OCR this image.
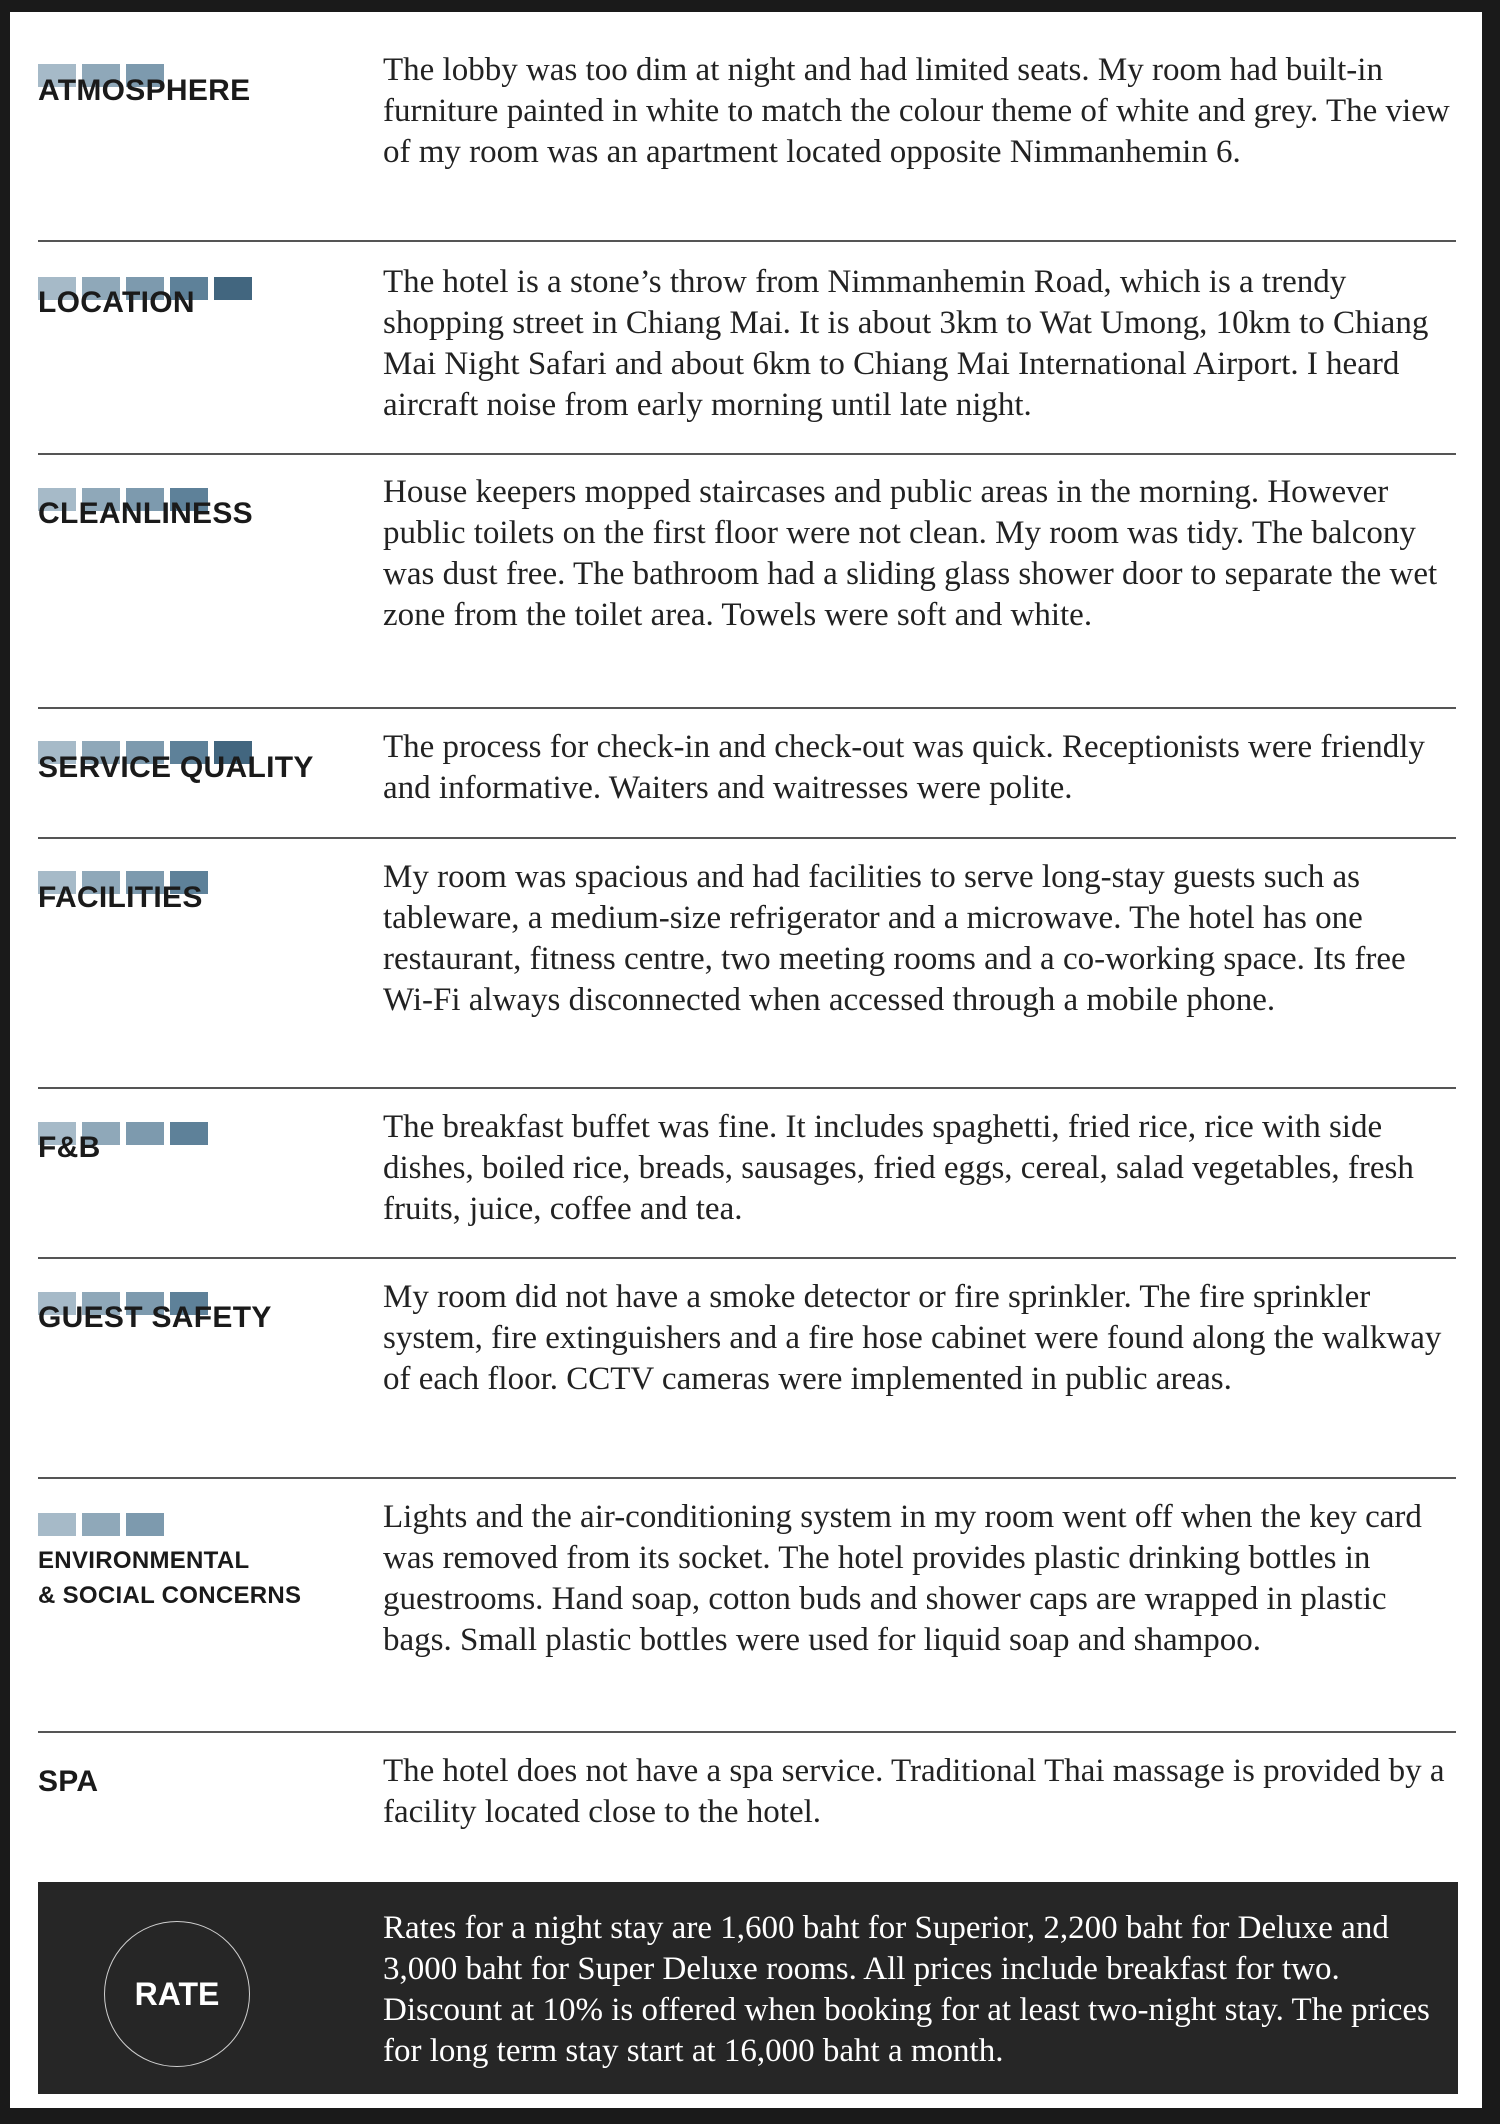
ATMOSPHERE
The lobby was too dim at night and had limited seats. My room had built-in furniture painted in white to match the colour theme of white and grey. The view of my room was an apartment located opposite Nimmanhemin 6.
LOCATION
The hotel is a stone’s throw from Nimmanhemin Road, which is a trendy shopping street in Chiang Mai. It is about 3km to Wat Umong, 10km to Chiang Mai Night Safari and about 6km to Chiang Mai International Airport. I heard aircraft noise from early morning until late night.
CLEANLINESS
House keepers mopped staircases and public areas in the morning. However public toilets on the first floor were not clean. My room was tidy. The balcony was dust free. The bathroom had a sliding glass shower door to separate the wet zone from the toilet area. Towels were soft and white.
SERVICE QUALITY
The process for check-in and check-out was quick. Receptionists were friendly and informative. Waiters and waitresses were polite.
FACILITIES
My room was spacious and had facilities to serve long-stay guests such as tableware, a medium-size refrigerator and a microwave. The hotel has one restaurant, fitness centre, two meeting rooms and a co-working space. Its free Wi-Fi always disconnected when accessed through a mobile phone.
F&B
The breakfast buffet was fine. It includes spaghetti, fried rice, rice with side dishes, boiled rice, breads, sausages, fried eggs, cereal, salad vegetables, fresh fruits, juice, coffee and tea.
GUEST SAFETY
My room did not have a smoke detector or fire sprinkler. The fire sprinkler system, fire extinguishers and a fire hose cabinet were found along the walkway of each floor. CCTV cameras were implemented in public areas.
ENVIRONMENTAL
& SOCIAL CONCERNS
Lights and the air-conditioning system in my room went off when the key card was removed from its socket. The hotel provides plastic drinking bottles in guestrooms. Hand soap, cotton buds and shower caps are wrapped in plastic bags. Small plastic bottles were used for liquid soap and shampoo.
SPA	The hotel does not have a spa service. Traditional Thai massage is provided by a facility located close to the hotel.
RATE
Rates for a night stay are 1,600 baht for Superior, 2,200 baht for Deluxe and 3,000 baht for Super Deluxe rooms. All prices include breakfast for two. Discount at 10% is offered when booking for at least two-night stay. The prices for long term stay start at 16,000 baht a month.
